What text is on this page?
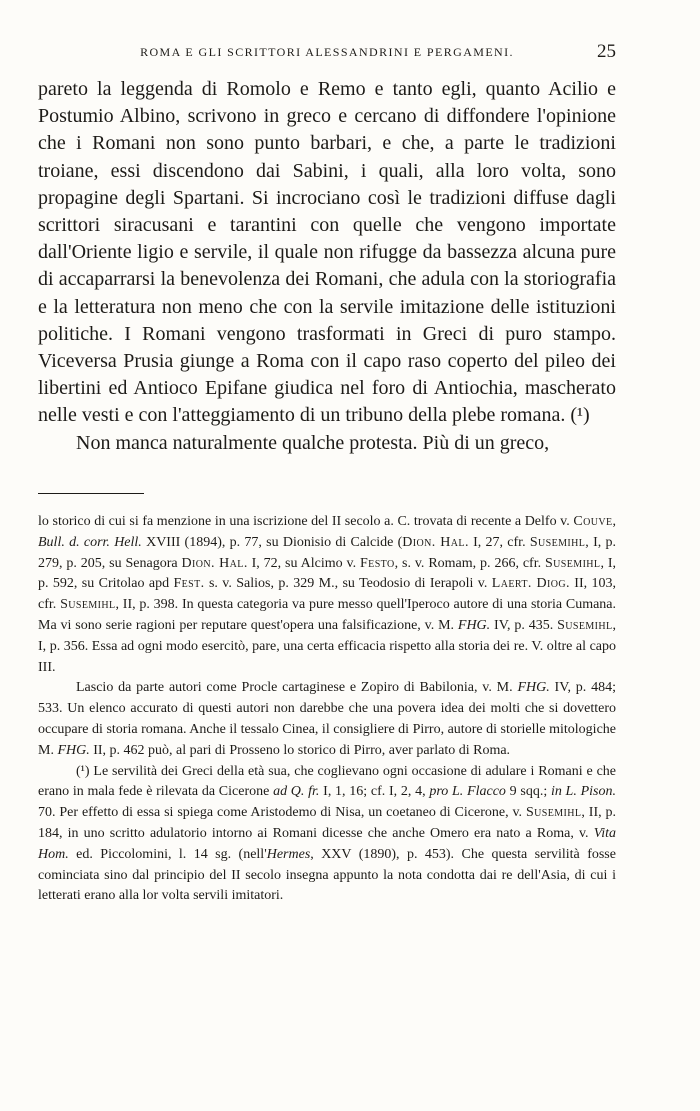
ROMA E GLI SCRITTORI ALESSANDRINI E PERGAMENI.	25

pareto la leggenda di Romolo e Remo e tanto egli, quanto Acilio e Postumio Albino, scrivono in greco e cercano di diffondere l'opinione che i Romani non sono punto barbari, e che, a parte le tradizioni troiane, essi discendono dai Sabini, i quali, alla loro volta, sono propagine degli Spartani. Si incrociano così le tradizioni diffuse dagli scrittori siracusani e tarantini con quelle che vengono importate dall'Oriente ligio e servile, il quale non rifugge da bassezza alcuna pure di accaparrarsi la benevolenza dei Romani, che adula con la storiografia e la letteratura non meno che con la servile imitazione delle istituzioni politiche. I Romani vengono trasformati in Greci di puro stampo. Viceversa Prusia giunge a Roma con il capo raso coperto del pileo dei libertini ed Antioco Epifane giudica nel foro di Antiochia, mascherato nelle vesti e con l'atteggiamento di un tribuno della plebe romana. (¹)

Non manca naturalmente qualche protesta. Più di un greco,

lo storico di cui si fa menzione in una iscrizione del II secolo a. C. trovata di recente a Delfo v. Couve, Bull. d. corr. Hell. XVIII (1894), p. 77, su Dionisio di Calcide (Dion. Hal. I, 27, cfr. Susemihl, I, p. 279, p. 205, su Senagora Dion. Hal. I, 72, su Alcimo v. Festo, s. v. Romam, p. 266, cfr. Susemihl, I, p. 592, su Critolao apd Fest. s. v. Salios, p. 329 M., su Teodosio di Ierapoli v. Laert. Diog. II, 103, cfr. Susemihl, II, p. 398. In questa categoria va pure messo quell'Iperoco autore di una storia Cumana. Ma vi sono serie ragioni per reputare quest'opera una falsificazione, v. M. FHG. IV, p. 435. Susemihl, I, p. 356. Essa ad ogni modo esercitò, pare, una certa efficacia rispetto alla storia dei re. V. oltre al capo III.

Lascio da parte autori come Procle cartaginese e Zopiro di Babilonia, v. M. FHG. IV, p. 484; 533. Un elenco accurato di questi autori non darebbe che una povera idea dei molti che si dovettero occupare di storia romana. Anche il tessalo Cinea, il consigliere di Pirro, autore di storielle mitologiche M. FHG. II, p. 462 può, al pari di Prosseno lo storico di Pirro, aver parlato di Roma.

(¹) Le servilità dei Greci della età sua, che coglievano ogni occasione di adulare i Romani e che erano in mala fede è rilevata da Cicerone ad Q. fr. I, 1, 16; cf. I, 2, 4, pro L. Flacco 9 sqq.; in L. Pison. 70. Per effetto di essa si spiega come Aristodemo di Nisa, un coetaneo di Cicerone, v. Susemihl, II, p. 184, in uno scritto adulatorio intorno ai Romani dicesse che anche Omero era nato a Roma, v. Vita Hom. ed. Piccolomini, l. 14 sg. (nell'Hermes, XXV (1890), p. 453). Che questa servilità fosse cominciata sino dal principio del II secolo insegna appunto la nota condotta dai re dell'Asia, di cui i letterati erano alla lor volta servili imitatori.
